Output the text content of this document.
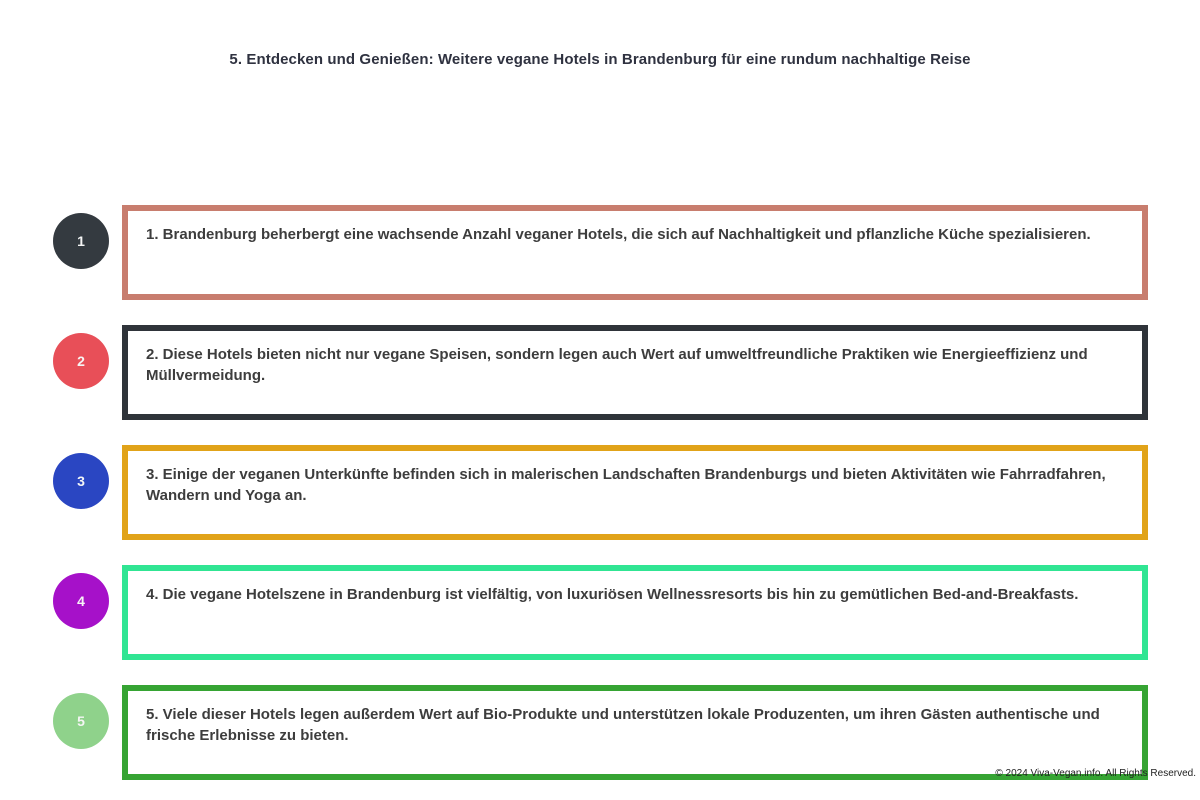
5. Entdecken und Genießen: Weitere vegane Hotels in Brandenburg für eine rundum nachhaltige Reise
1	1. Brandenburg beherbergt eine wachsende Anzahl veganer Hotels, die sich auf Nachhaltigkeit und pflanzliche Küche spezialisieren.
2	2. Diese Hotels bieten nicht nur vegane Speisen, sondern legen auch Wert auf umweltfreundliche Praktiken wie Energieeffizienz und Müllvermeidung.
3	3. Einige der veganen Unterkünfte befinden sich in malerischen Landschaften Brandenburgs und bieten Aktivitäten wie Fahrradfahren, Wandern und Yoga an.
4	4. Die vegane Hotelszene in Brandenburg ist vielfältig, von luxuriösen Wellnessresorts bis hin zu gemütlichen Bed-and-Breakfasts.
5	5. Viele dieser Hotels legen außerdem Wert auf Bio-Produkte und unterstützen lokale Produzenten, um ihren Gästen authentische und frische Erlebnisse zu bieten.
© 2024 Viva-Vegan.info. All Rights Reserved.
